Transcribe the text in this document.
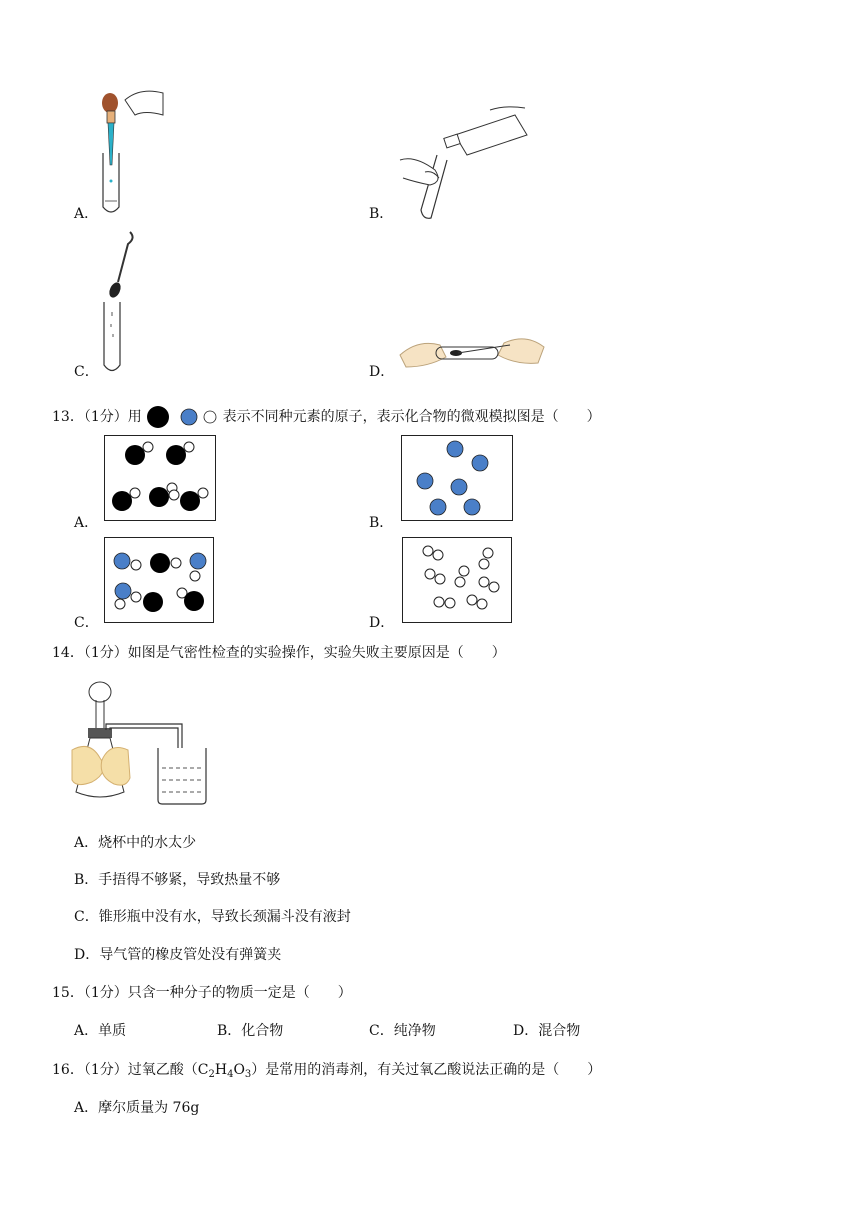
A．	B．
C．	D．
13．（1分）用	表示不同种元素的原子，表示化合物的微观模拟图是（　　）
A．	B．
C．	D．
14．（1分）如图是气密性检查的实验操作，实验失败主要原因是（　　）
A．烧杯中的水太少
B．手捂得不够紧，导致热量不够
C．锥形瓶中没有水，导致长颈漏斗没有液封
D．导气管的橡皮管处没有弹簧夹
15．（1分）只含一种分子的物质一定是（　　）
A．单质	B．化合物	C．纯净物	D．混合物
16．（1分）过氧乙酸$(C_2H_4O_3)$是常用的消毒剂，有关过氧乙酸说法正确的是（　　）
A．摩尔质量为 76g
